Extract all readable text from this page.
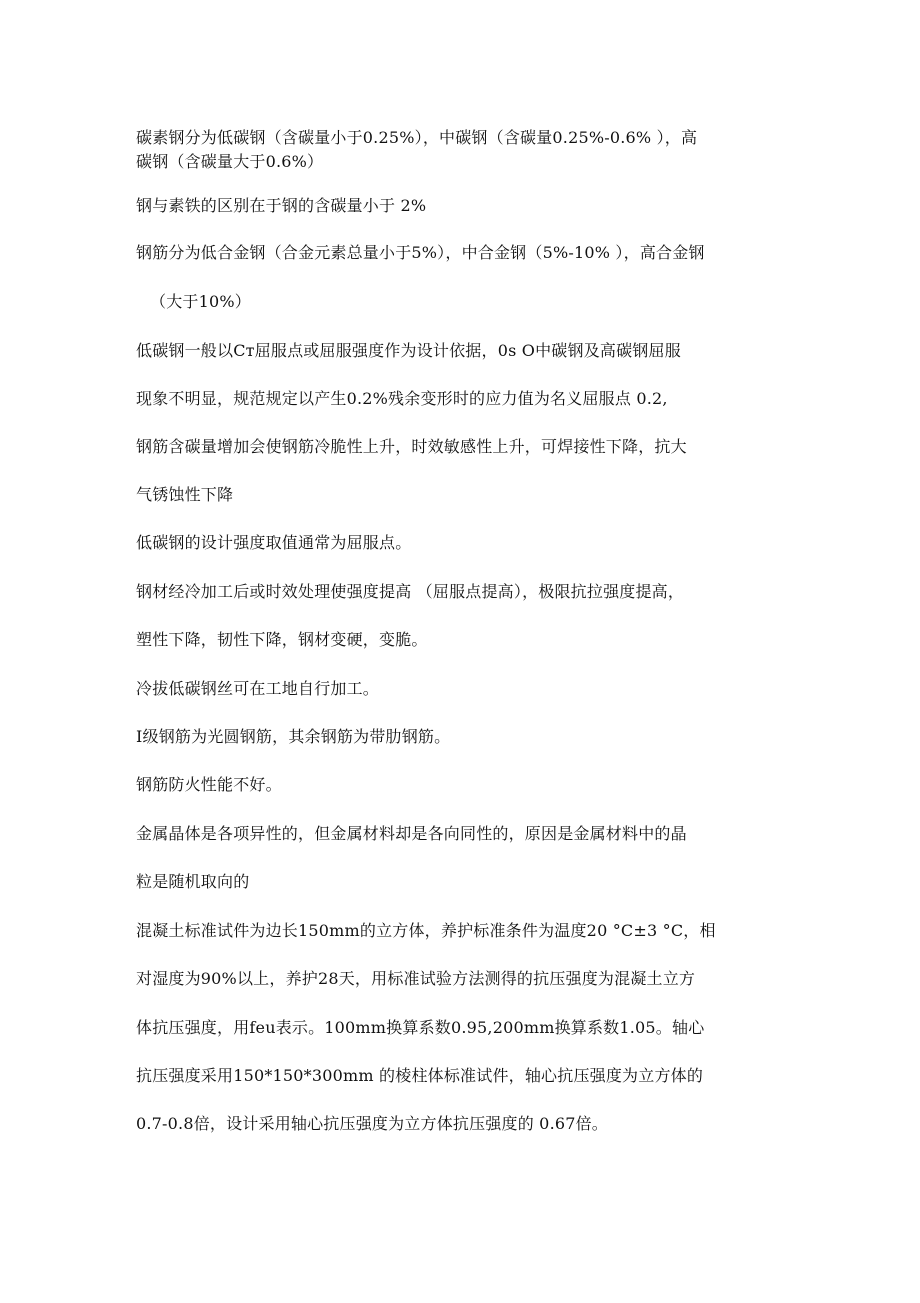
碳素钢分为低碳钢（含碳量小于0.25%），中碳钢（含碳量0.25%-0.6% ），高
碳钢（含碳量大于0.6%）
钢与素铁的区别在于钢的含碳量小于 2%
钢筋分为低合金钢（合金元素总量小于5%），中合金钢（5%-10% ），高合金钢
（大于10%）
低碳钢一般以Cт屈服点或屈服强度作为设计依据，0s O中碳钢及高碳钢屈服
现象不明显，规范规定以产生0.2%残余变形时的应力值为名义屈服点 0.2,
钢筋含碳量增加会使钢筋冷脆性上升，时效敏感性上升，可焊接性下降，抗大
气锈蚀性下降
低碳钢的设计强度取值通常为屈服点。
钢材经冷加工后或时效处理使强度提高 （屈服点提高），极限抗拉强度提高，
塑性下降，韧性下降，钢材变硬，变脆。
冷拔低碳钢丝可在工地自行加工。
I级钢筋为光圆钢筋，其余钢筋为带肋钢筋。
钢筋防火性能不好。
金属晶体是各项异性的，但金属材料却是各向同性的，原因是金属材料中的晶
粒是随机取向的
混凝土标准试件为边长150mm的立方体，养护标准条件为温度20 °C±3 °C，相
对湿度为90%以上，养护28天，用标准试验方法测得的抗压强度为混凝土立方
体抗压强度，用feu表示。100mm换算系数0.95,200mm换算系数1.05。轴心
抗压强度采用150*150*300mm 的棱柱体标准试件，轴心抗压强度为立方体的
0.7-0.8倍，设计采用轴心抗压强度为立方体抗压强度的 0.67倍。
